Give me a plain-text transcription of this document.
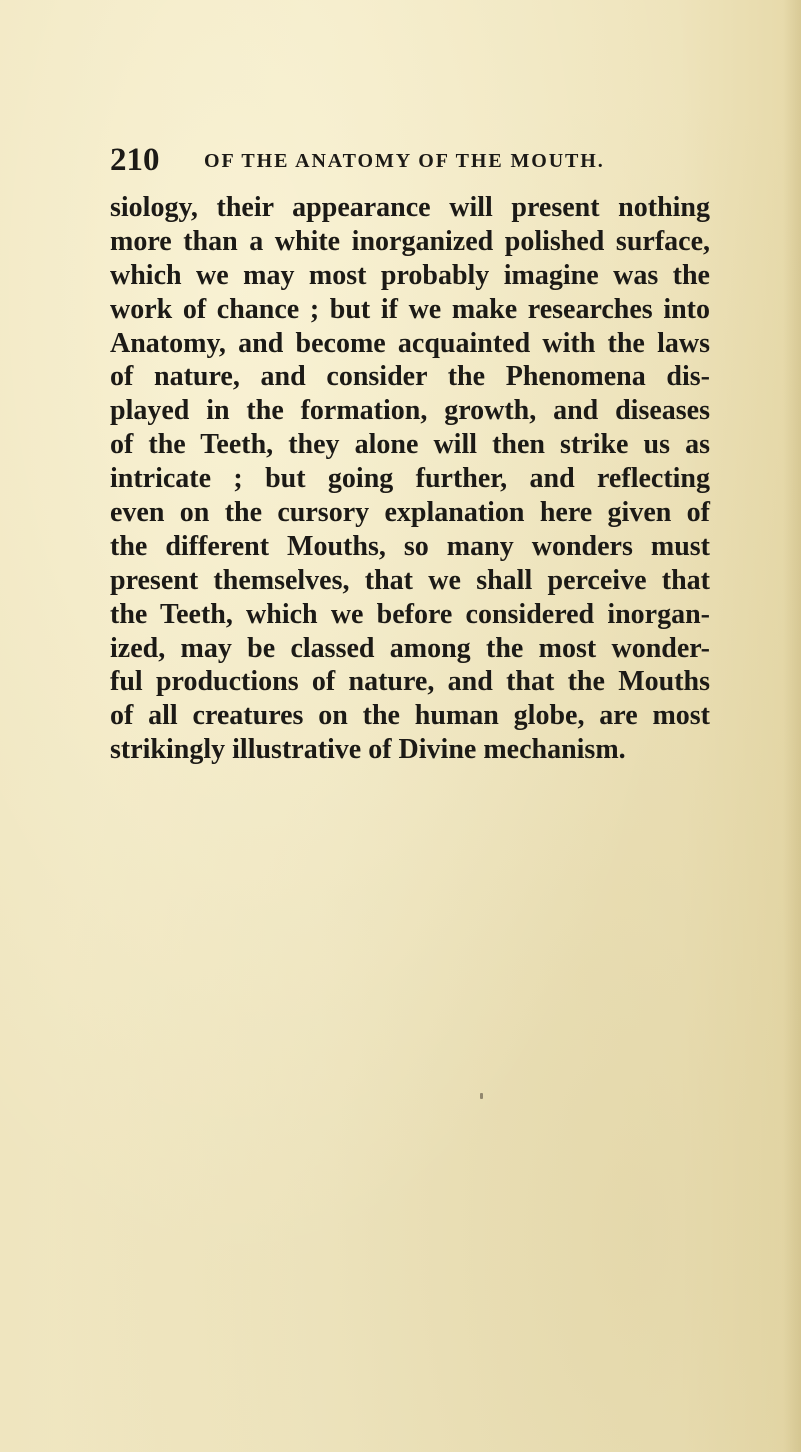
210 OF THE ANATOMY OF THE MOUTH.
siology, their appearance will present nothing
more than a white inorganized polished surface,
which we may most probably imagine was the
work of chance ; but if we make researches into
Anatomy, and become acquainted with the laws
of nature, and consider the Phenomena dis-
played in the formation, growth, and diseases
of the Teeth, they alone will then strike us as
intricate ; but going further, and reflecting
even on the cursory explanation here given of
the different Mouths, so many wonders must
present themselves, that we shall perceive that
the Teeth, which we before considered inorgan-
ized, may be classed among the most wonder-
ful productions of nature, and that the Mouths
of all creatures on the human globe, are most
strikingly illustrative of Divine mechanism.
